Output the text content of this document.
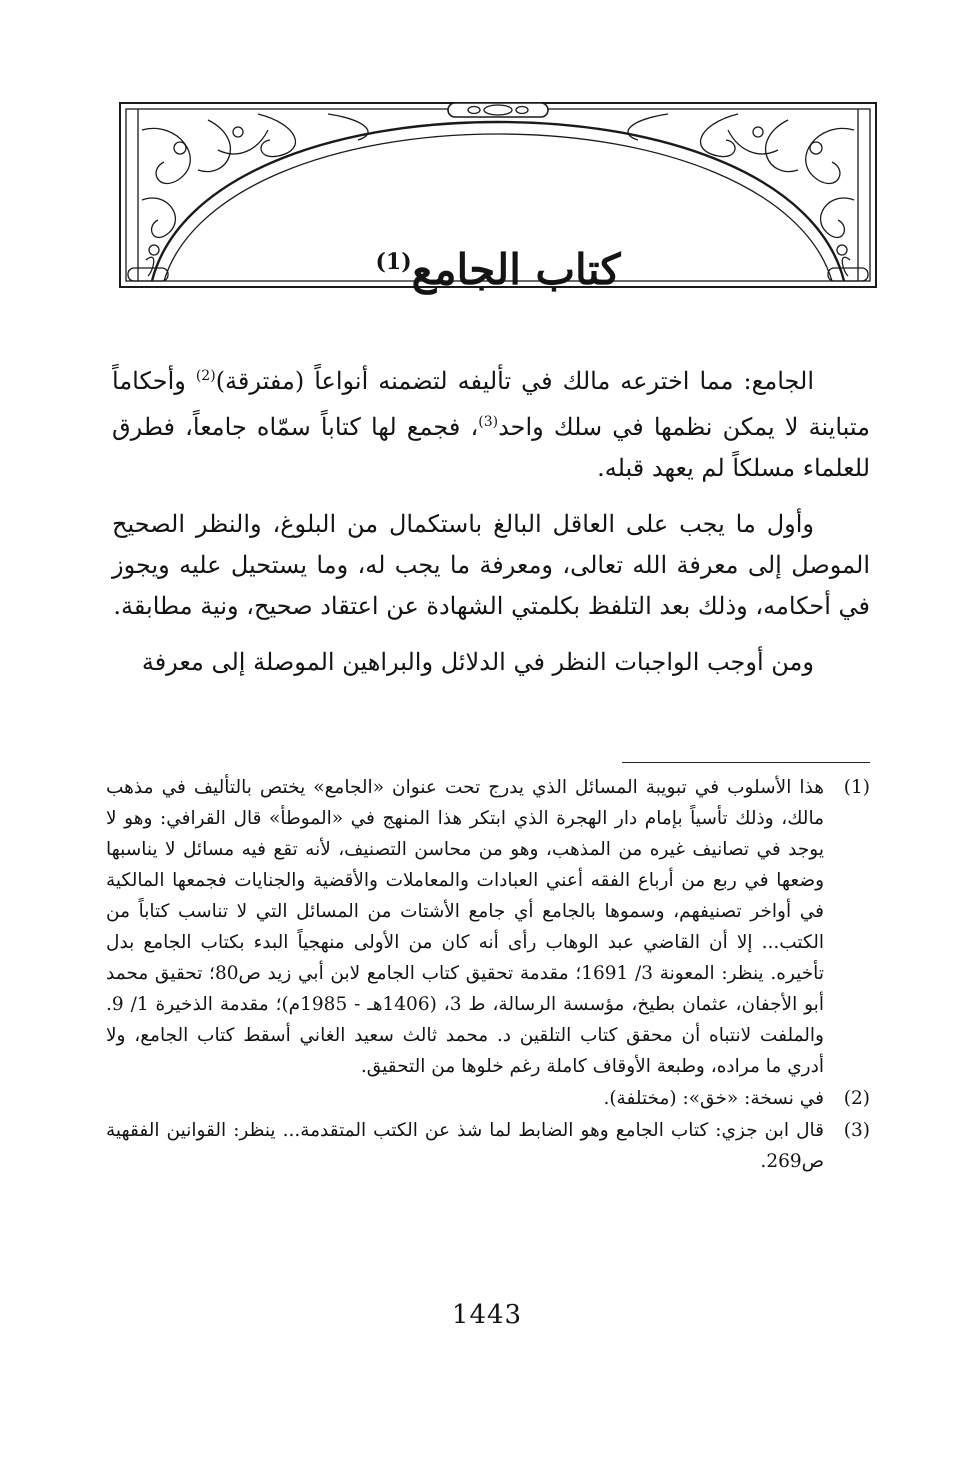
كتاب الجامع$^{(1)}$

الجامع: مما اخترعه مالك في تأليفه لتضمنه أنواعاً (مفترقة)$^{(2)}$ وأحكاماً متباينة لا يمكن نظمها في سلك واحد$^{(3)}$، فجمع لها كتاباً سمّاه جامعاً، فطرق للعلماء مسلكاً لم يعهد قبله.

وأول ما يجب على العاقل البالغ باستكمال من البلوغ، والنظر الصحيح الموصل إلى معرفة الله تعالى، ومعرفة ما يجب له، وما يستحيل عليه ويجوز في أحكامه، وذلك بعد التلفظ بكلمتي الشهادة عن اعتقاد صحيح، ونية مطابقة.

ومن أوجب الواجبات النظر في الدلائل والبراهين الموصلة إلى معرفة

(1)
هذا الأسلوب في تبويبة المسائل الذي يدرج تحت عنوان «الجامع» يختص بالتأليف في مذهب مالك، وذلك تأسياً بإمام دار الهجرة الذي ابتكر هذا المنهج في «الموطأ» قال القرافي: وهو لا يوجد في تصانيف غيره من المذهب، وهو من محاسن التصنيف، لأنه تقع فيه مسائل لا يناسبها وضعها في ربع من أرباع الفقه أعني العبادات والمعاملات والأقضية والجنايات فجمعها المالكية في أواخر تصنيفهم، وسموها بالجامع أي جامع الأشتات من المسائل التي لا تناسب كتاباً من الكتب... إلا أن القاضي عبد الوهاب رأى أنه كان من الأولى منهجياً البدء بكتاب الجامع بدل تأخيره. ينظر: المعونة 3/ 1691؛ مقدمة تحقيق كتاب الجامع لابن أبي زيد ص80؛ تحقيق محمد أبو الأجفان، عثمان بطيخ، مؤسسة الرسالة، ط 3، (1406هـ - 1985م)؛ مقدمة الذخيرة 1/ 9. والملفت لانتباه أن محقق كتاب التلقين د. محمد ثالث سعيد الغاني أسقط كتاب الجامع، ولا أدري ما مراده، وطبعة الأوقاف كاملة رغم خلوها من التحقيق.
(2)
في نسخة: «خق»: (مختلفة).
(3)
قال ابن جزي: كتاب الجامع وهو الضابط لما شذ عن الكتب المتقدمة... ينظر: القوانين الفقهية ص269.
1443
